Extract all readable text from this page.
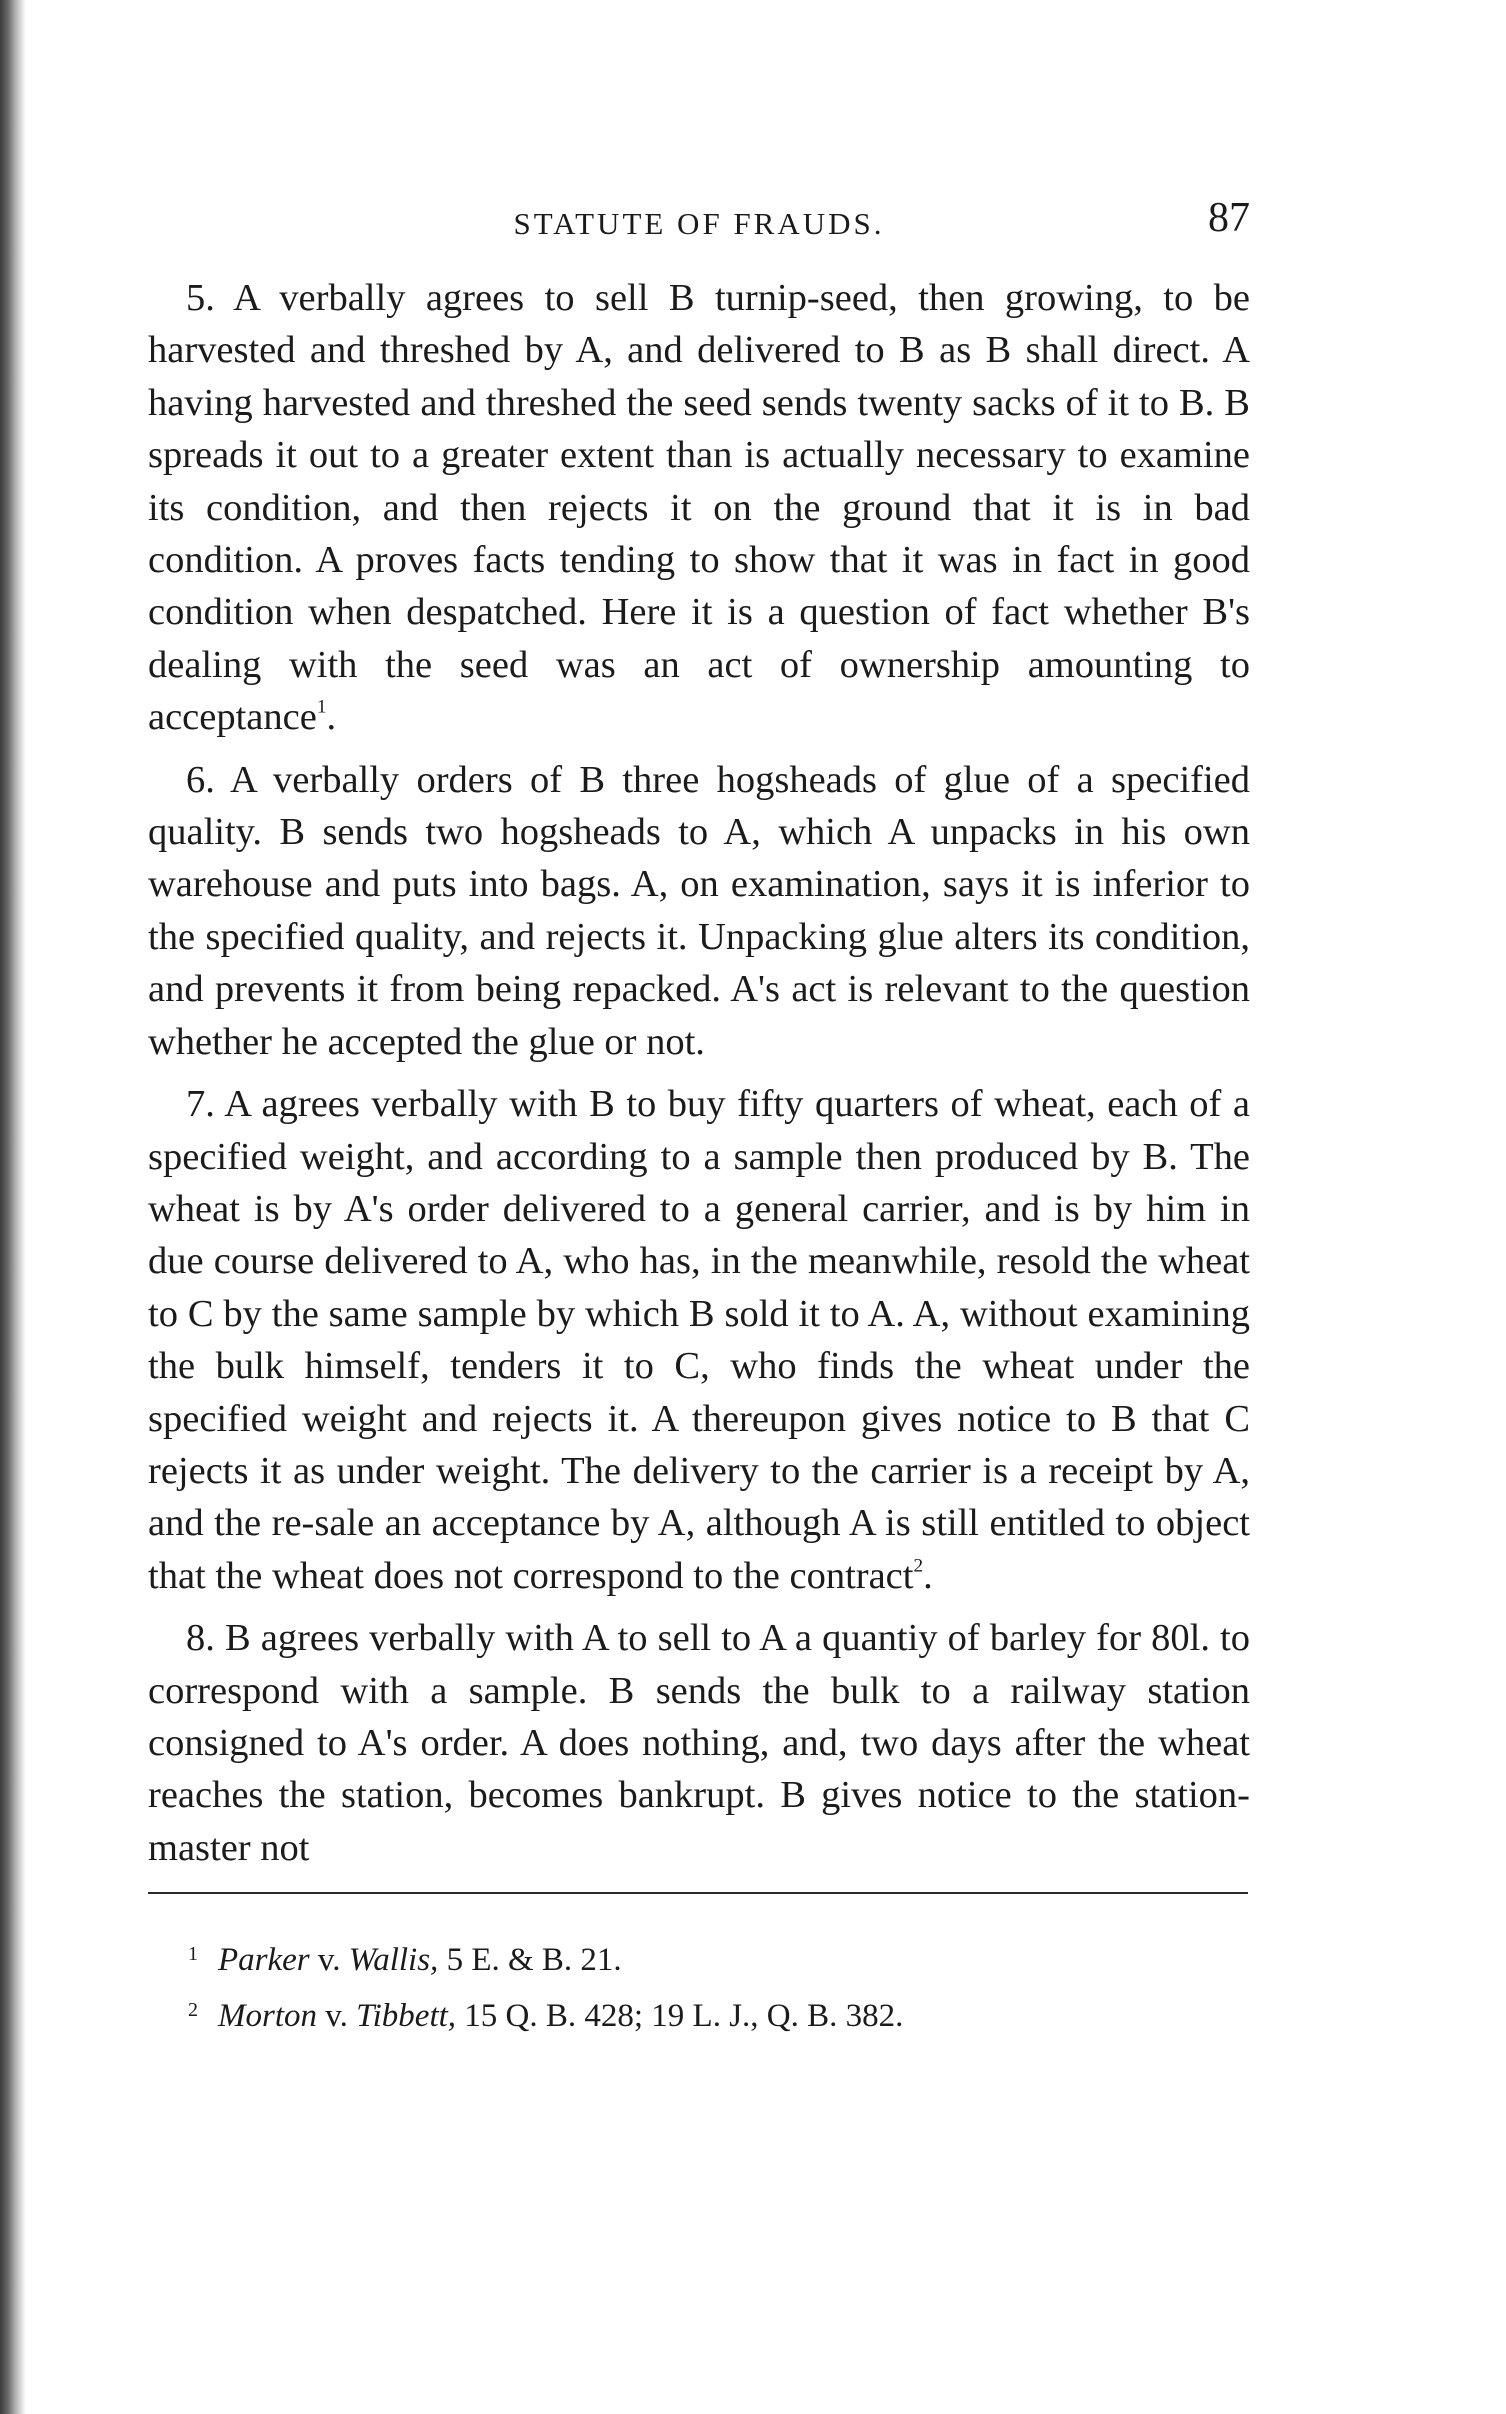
STATUTE OF FRAUDS.	87

5. A verbally agrees to sell B turnip-seed, then growing, to be harvested and threshed by A, and delivered to B as B shall direct. A having harvested and threshed the seed sends twenty sacks of it to B. B spreads it out to a greater extent than is actually necessary to examine its condition, and then rejects it on the ground that it is in bad condition. A proves facts tending to show that it was in fact in good condition when despatched. Here it is a question of fact whether B's dealing with the seed was an act of ownership amounting to acceptance$^1$.

6. A verbally orders of B three hogsheads of glue of a specified quality. B sends two hogsheads to A, which A unpacks in his own warehouse and puts into bags. A, on examination, says it is inferior to the specified quality, and rejects it. Unpacking glue alters its condition, and prevents it from being repacked. A's act is relevant to the question whether he accepted the glue or not.

7. A agrees verbally with B to buy fifty quarters of wheat, each of a specified weight, and according to a sample then produced by B. The wheat is by A's order delivered to a general carrier, and is by him in due course delivered to A, who has, in the meanwhile, resold the wheat to C by the same sample by which B sold it to A. A, without examining the bulk himself, tenders it to C, who finds the wheat under the specified weight and rejects it. A thereupon gives notice to B that C rejects it as under weight. The delivery to the carrier is a receipt by A, and the re-sale an acceptance by A, although A is still entitled to object that the wheat does not correspond to the contract$^2$.

8. B agrees verbally with A to sell to A a quantiy of barley for 80l. to correspond with a sample. B sends the bulk to a railway station consigned to A's order. A does nothing, and, two days after the wheat reaches the station, becomes bankrupt. B gives notice to the station-master not

1 Parker v. Wallis, 5 E. & B. 21.
2 Morton v. Tibbett, 15 Q. B. 428; 19 L. J., Q. B. 382.
